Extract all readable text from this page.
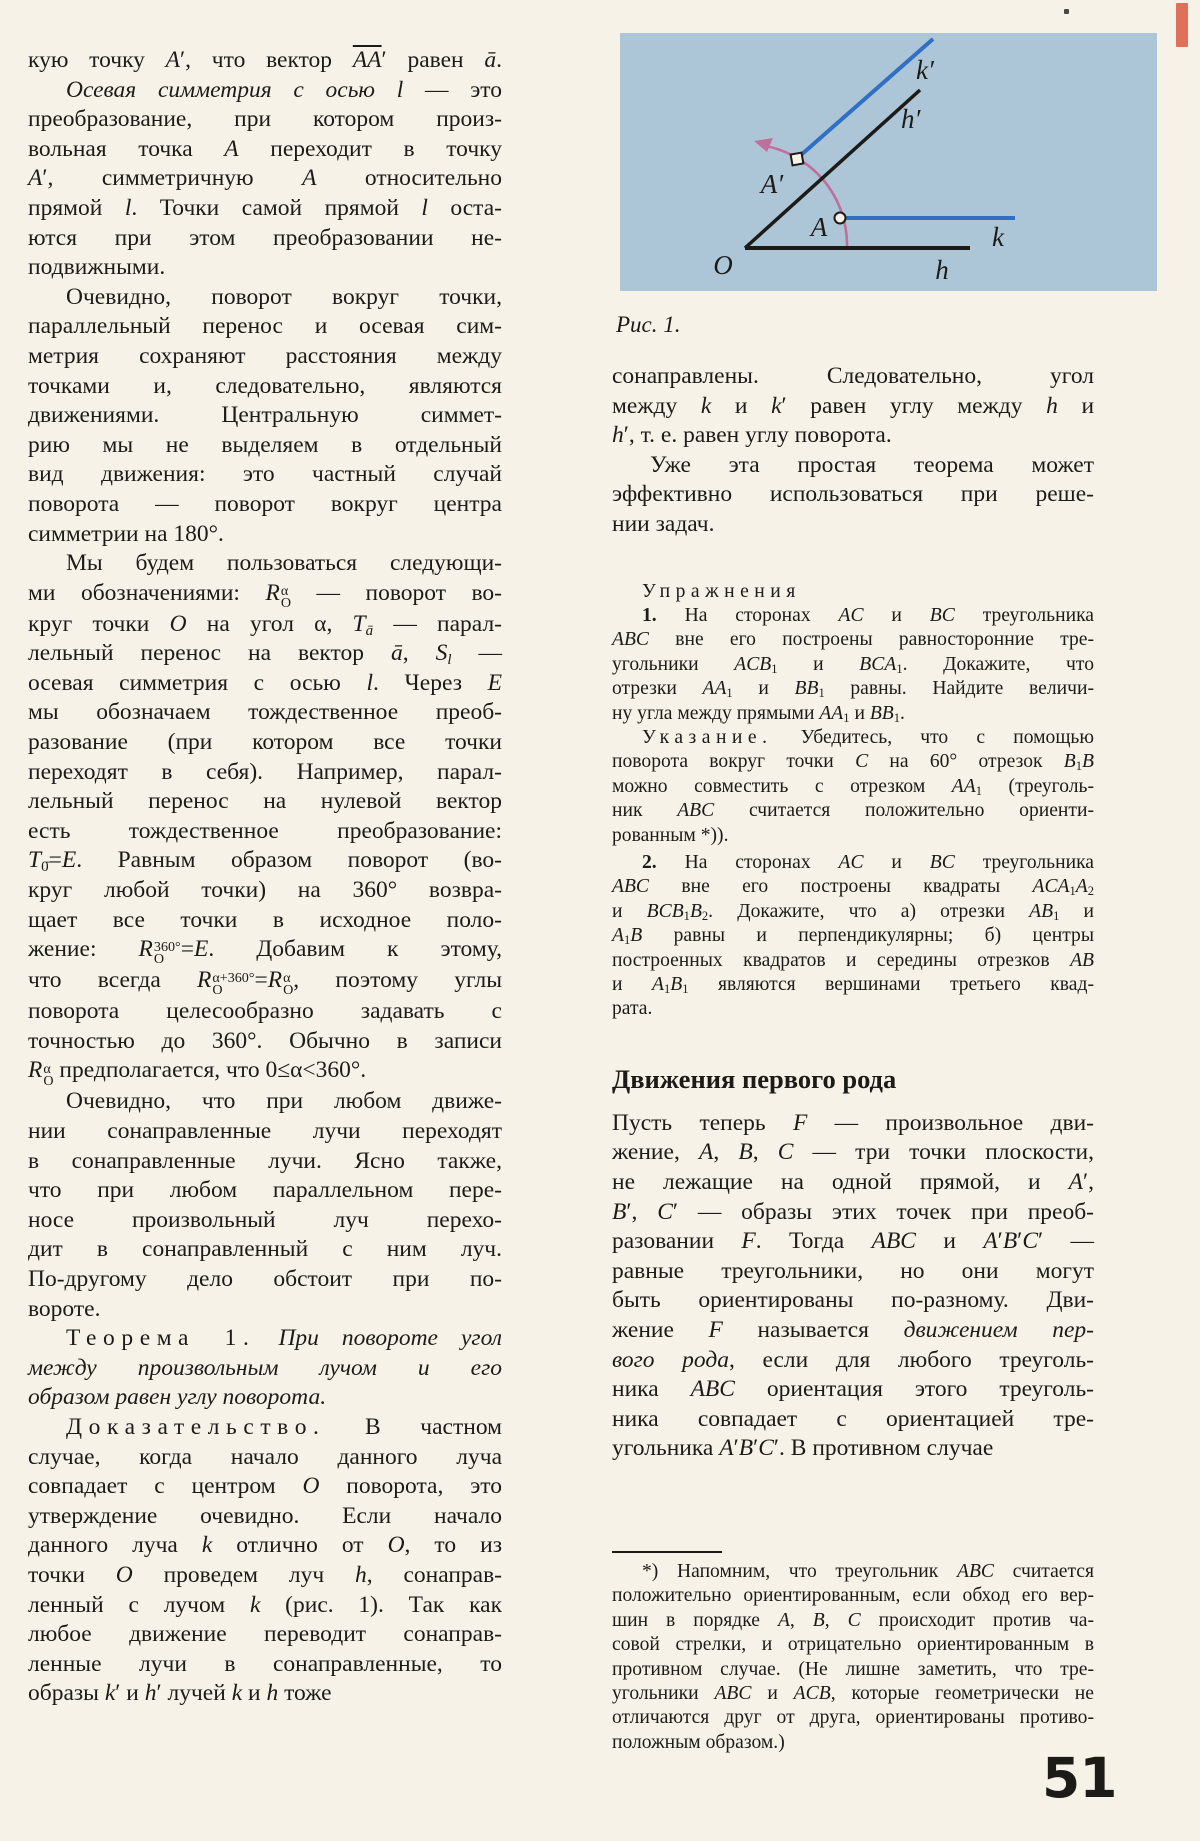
O	h
h′
k
k′
A
A′
Рис. 1.
кую точку A′, что вектор $\overline{AA}'$ равен ā.
Осевая симметрия с осью l — это
преобразование, при котором произ-
вольная точка A переходит в точку
A′, симметричную A относительно
прямой l. Точки самой прямой l оста-
ются при этом преобразовании не-
подвижными.
Очевидно, поворот вокруг точки,
параллельный перенос и осевая сим-
метрия сохраняют расстояния между
точками и, следовательно, являются
движениями. Центральную симмет-
рию мы не выделяем в отдельный
вид движения: это частный случай
поворота — поворот вокруг центра
симметрии на 180°.
Мы будем пользоваться следующи-
ми обозначениями: R α
O — поворот во-
круг точки O на угол α, $T_ā$ — парал-
лельный перенос на вектор ā, $S_l$ —
осевая симметрия с осью l. Через E
мы обозначаем тождественное преоб-
разование (при котором все точки
переходят в себя). Например, парал-
лельный перенос на нулевой вектор
есть тождественное преобразование:
$T_{0̄}=E$. Равным образом поворот (во-
круг любой точки) на 360° возвра-
щает все точки в исходное поло-
жение: R 360°
O =E. Добавим к этому,
что всегда R α+360°
O	=R α
O , поэтому углы
поворота целесообразно задавать с
точностью до 360°. Обычно в записи
R α
O предполагается, что 0≤α<360°.
Очевидно, что при любом движе-
нии сонаправленные лучи переходят
в сонаправленные лучи. Ясно также,
что при любом параллельном пере-
носе произвольный луч перехо-
дит в сонаправленный с ним луч.
По-другому дело обстоит при по-
вороте.
Теорема 1. При повороте угол
между произвольным лучом и его
образом равен углу поворота.
Доказательство. В частном
случае, когда начало данного луча
совпадает с центром O поворота, это
утверждение очевидно. Если начало
данного луча k отлично от O, то из
точки O проведем луч h, сонаправ-
ленный с лучом k (рис. 1). Так как
любое движение переводит сонаправ-
ленные лучи в сонаправленные, то
образы k′ и h′ лучей k и h тоже
сонаправлены. Следовательно, угол
между k и k′ равен углу между h и
h′, т. е. равен углу поворота.
Уже эта простая теорема может
эффективно использоваться при реше-
нии задач.
Упражнения
1. На сторонах AC и BC треугольника
ABC вне его построены равносторонние тре-
угольники $ACB_1$ и $BCA_1$. Докажите, что
отрезки $AA_1$ и $BB_1$ равны. Найдите величи-
ну угла между прямыми $AA_1$ и $BB_1$.
Указание. Убедитесь, что с помощью
поворота вокруг точки C на 60° отрезок $B_1B$
можно совместить с отрезком $AA_1$ (треуголь-
ник ABC считается положительно ориенти-
рованным *)).
2. На сторонах AC и BC треугольника
ABC вне его построены квадраты $ACA_1A_2$
и $BCB_1B_2$. Докажите, что а) отрезки $AB_1$ и
$A_1B$ равны и перпендикулярны; б) центры
построенных квадратов и середины отрезков AB
и $A_1B_1$ являются вершинами третьего квад-
рата.
Движения первого рода
Пусть теперь F — произвольное дви-
жение, A, B, C — три точки плоскости,
не лежащие на одной прямой, и A′,
B′, C′ — образы этих точек при преоб-
разовании F. Тогда ABC и A′B′C′ —
равные треугольники, но они могут
быть ориентированы по-разному. Дви-
жение F называется движением пер-
вого рода, если для любого треуголь-
ника ABC ориентация этого треуголь-
ника совпадает с ориентацией тре-
угольника A′B′C′. В противном случае
*) Напомним, что треугольник ABC считается
положительно ориентированным, если обход его вер-
шин в порядке A, B, C происходит против ча-
совой стрелки, и отрицательно ориентированным в
противном случае. (Не лишне заметить, что тре-
угольники ABC и ACB, которые геометрически не
отличаются друг от друга, ориентированы противо-
положным образом.)
51
